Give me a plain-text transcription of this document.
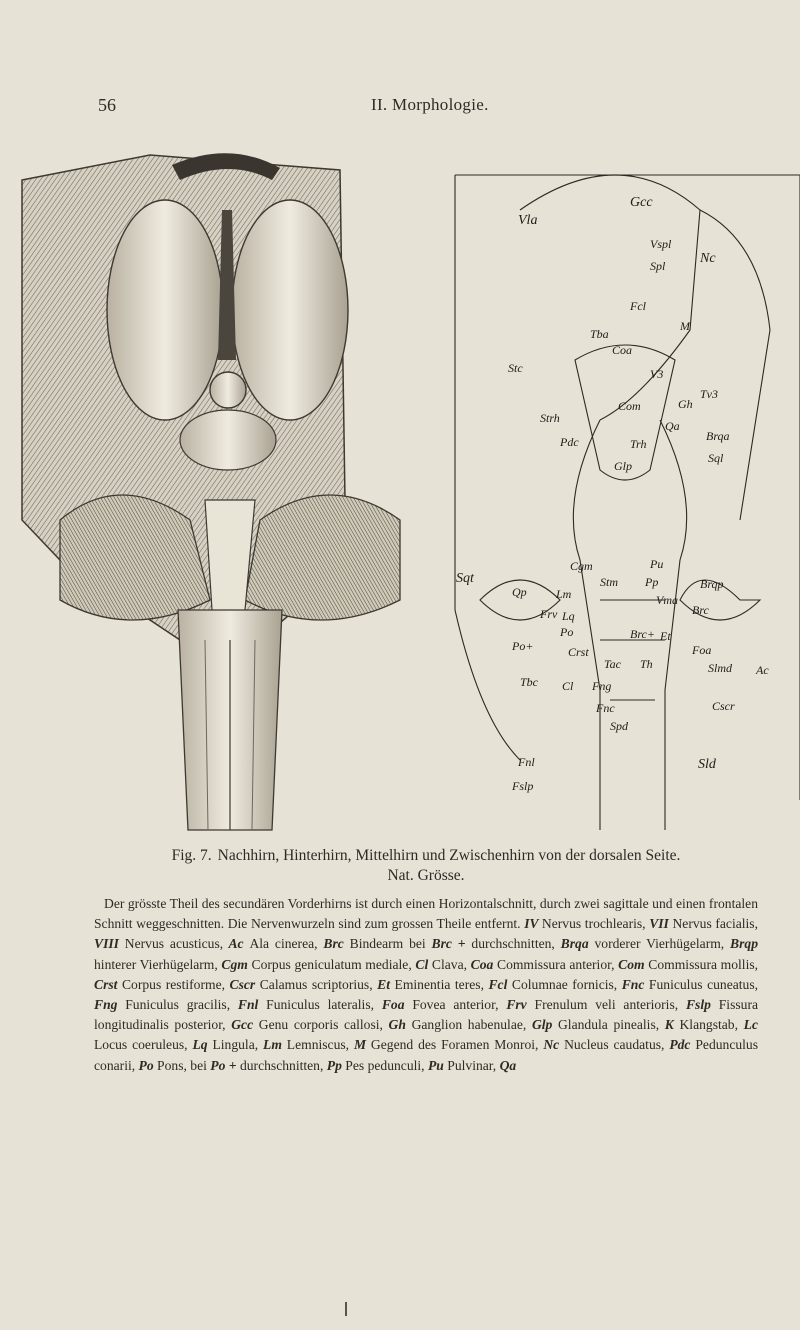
56	II. Morphologie.
Gcc
Vla
Vspl
Spl Nc
Fcl
M
Tba
Coa
Stc	V3
Tv3
Com	Gh
Strh
Pdc	Trh
Glp
Qa
Brqa
Sql
Sqt
Cgm	Pu
Brqp
Qp Lm
Stm Pp
Vma
Frv Lq	Brc
Po	Brc+ Et
Foa
Slmd
Po+	Crst
Tac Th	Ac
Tbc Cl Fng
Cscr
Fnc
Spd
Fnl	Sld
Fslp
Fig. 7. Nachhirn, Hinterhirn, Mittelhirn und Zwischenhirn von der dorsalen Seite.
Nat. Grösse.

Der grösste Theil des secundären Vorderhirns ist durch einen Horizontalschnitt, durch zwei sagittale und einen frontalen Schnitt weggeschnitten. Die Nervenwurzeln sind zum grossen Theile entfernt. IV Nervus trochlearis, VII Nervus facialis, VIII Nervus acusticus, Ac Ala cinerea, Brc Bindearm bei Brc + durchschnitten, Brqa vorderer Vierhügelarm, Brqp hinterer Vierhügelarm, Cgm Corpus geniculatum mediale, Cl Clava, Coa Commissura anterior, Com Commissura mollis, Crst Corpus restiforme, Cscr Calamus scriptorius, Et Eminentia teres, Fcl Columnae fornicis, Fnc Funiculus cuneatus, Fng Funiculus gracilis, Fnl Funiculus lateralis, Foa Fovea anterior, Frv Frenulum veli anterioris, Fslp Fissura longitudinalis posterior, Gcc Genu corporis callosi, Gh Ganglion habenulae, Glp Glandula pinealis, K Klangstab, Lc Locus coeruleus, Lq Lingula, Lm Lemniscus, M Gegend des Foramen Monroi, Nc Nucleus caudatus, Pdc Pedunculus conarii, Po Pons, bei Po + durchschnitten, Pp Pes pedunculi, Pu Pulvinar, Qa
